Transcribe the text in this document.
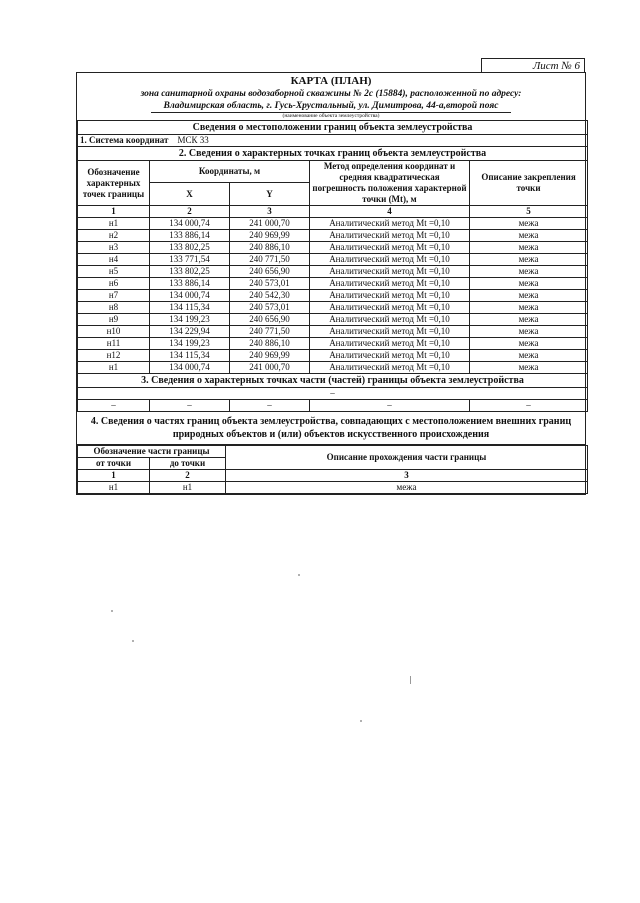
Лист № 6
КАРТА (ПЛАН)
зона санитарной охраны водозаборной скважины № 2с (15884), расположенной по адресу:
Владимирская область, г. Гусь-Хрустальный, ул. Димитрова, 44-а,второй пояс
(наименование объекта землеустройства)
Сведения о местоположении границ объекта землеустройства				
1. Система координат МСК 33				
2. Сведения о характерных точках границ объекта землеустройства				
Обозначение характерных точек границы	Координаты, м		Метод определения координат и средняя квадратическая погрешность положения характерной точки (Mt), м	Описание закрепления точки
	X	Y		
1	2	3	4	5
н1	134 000,74	241 000,70	Аналитический метод Mt =0,10	межа
н2	133 886,14	240 969,99	Аналитический метод Mt =0,10	межа
н3	133 802,25	240 886,10	Аналитический метод Mt =0,10	межа
н4	133 771,54	240 771,50	Аналитический метод Mt =0,10	межа
н5	133 802,25	240 656,90	Аналитический метод Mt =0,10	межа
н6	133 886,14	240 573,01	Аналитический метод Mt =0,10	межа
н7	134 000,74	240 542,30	Аналитический метод Mt =0,10	межа
н8	134 115,34	240 573,01	Аналитический метод Mt =0,10	межа
н9	134 199,23	240 656,90	Аналитический метод Mt =0,10	межа
н10	134 229,94	240 771,50	Аналитический метод Mt =0,10	межа
н11	134 199,23	240 886,10	Аналитический метод Mt =0,10	межа
н12	134 115,34	240 969,99	Аналитический метод Mt =0,10	межа
н1	134 000,74	241 000,70	Аналитический метод Mt =0,10	межа
3. Сведения о характерных точках части (частей) границы объекта землеустройства				
–				
–	–	–	–	–
4. Сведения о частях границ объекта землеустройства, совпадающих с местоположением внешних границ природных объектов и (или) объектов искусственного происхождения
Обозначение части границы		Описание прохождения части границы
от точки	до точки	
1	2	3
н1	н1	межа
